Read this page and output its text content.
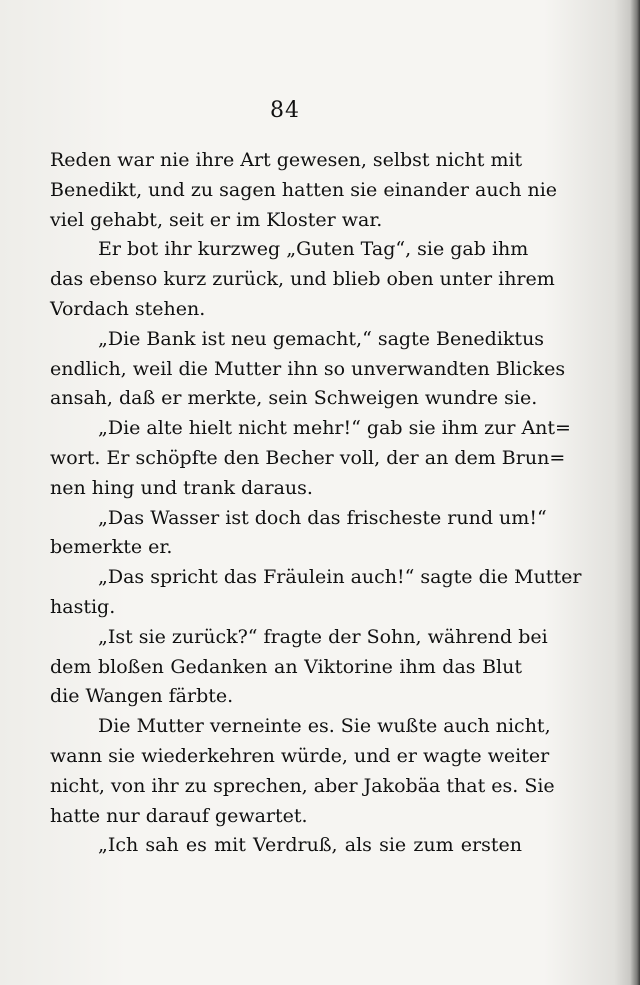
84
Reden war nie ihre Art gewesen, selbst nicht mit
Benedikt, und zu sagen hatten sie einander auch nie
viel gehabt, seit er im Kloster war.
Er bot ihr kurzweg „Guten Tag“, sie gab ihm
das ebenso kurz zurück, und blieb oben unter ihrem
Vordach stehen.
„Die Bank ist neu gemacht,“ sagte Benediktus
endlich, weil die Mutter ihn so unverwandten Blickes
ansah, daß er merkte, sein Schweigen wundre sie.
„Die alte hielt nicht mehr!“ gab sie ihm zur Ant=
wort. Er schöpfte den Becher voll, der an dem Brun=
nen hing und trank daraus.
„Das Wasser ist doch das frischeste rund um!“
bemerkte er.
„Das spricht das Fräulein auch!“ sagte die Mutter
hastig.
„Ist sie zurück?“ fragte der Sohn, während bei
dem bloßen Gedanken an Viktorine ihm das Blut
die Wangen färbte.
Die Mutter verneinte es. Sie wußte auch nicht,
wann sie wiederkehren würde, und er wagte weiter
nicht, von ihr zu sprechen, aber Jakobäa that es. Sie
hatte nur darauf gewartet.
„Ich sah es mit Verdruß, als sie zum ersten
